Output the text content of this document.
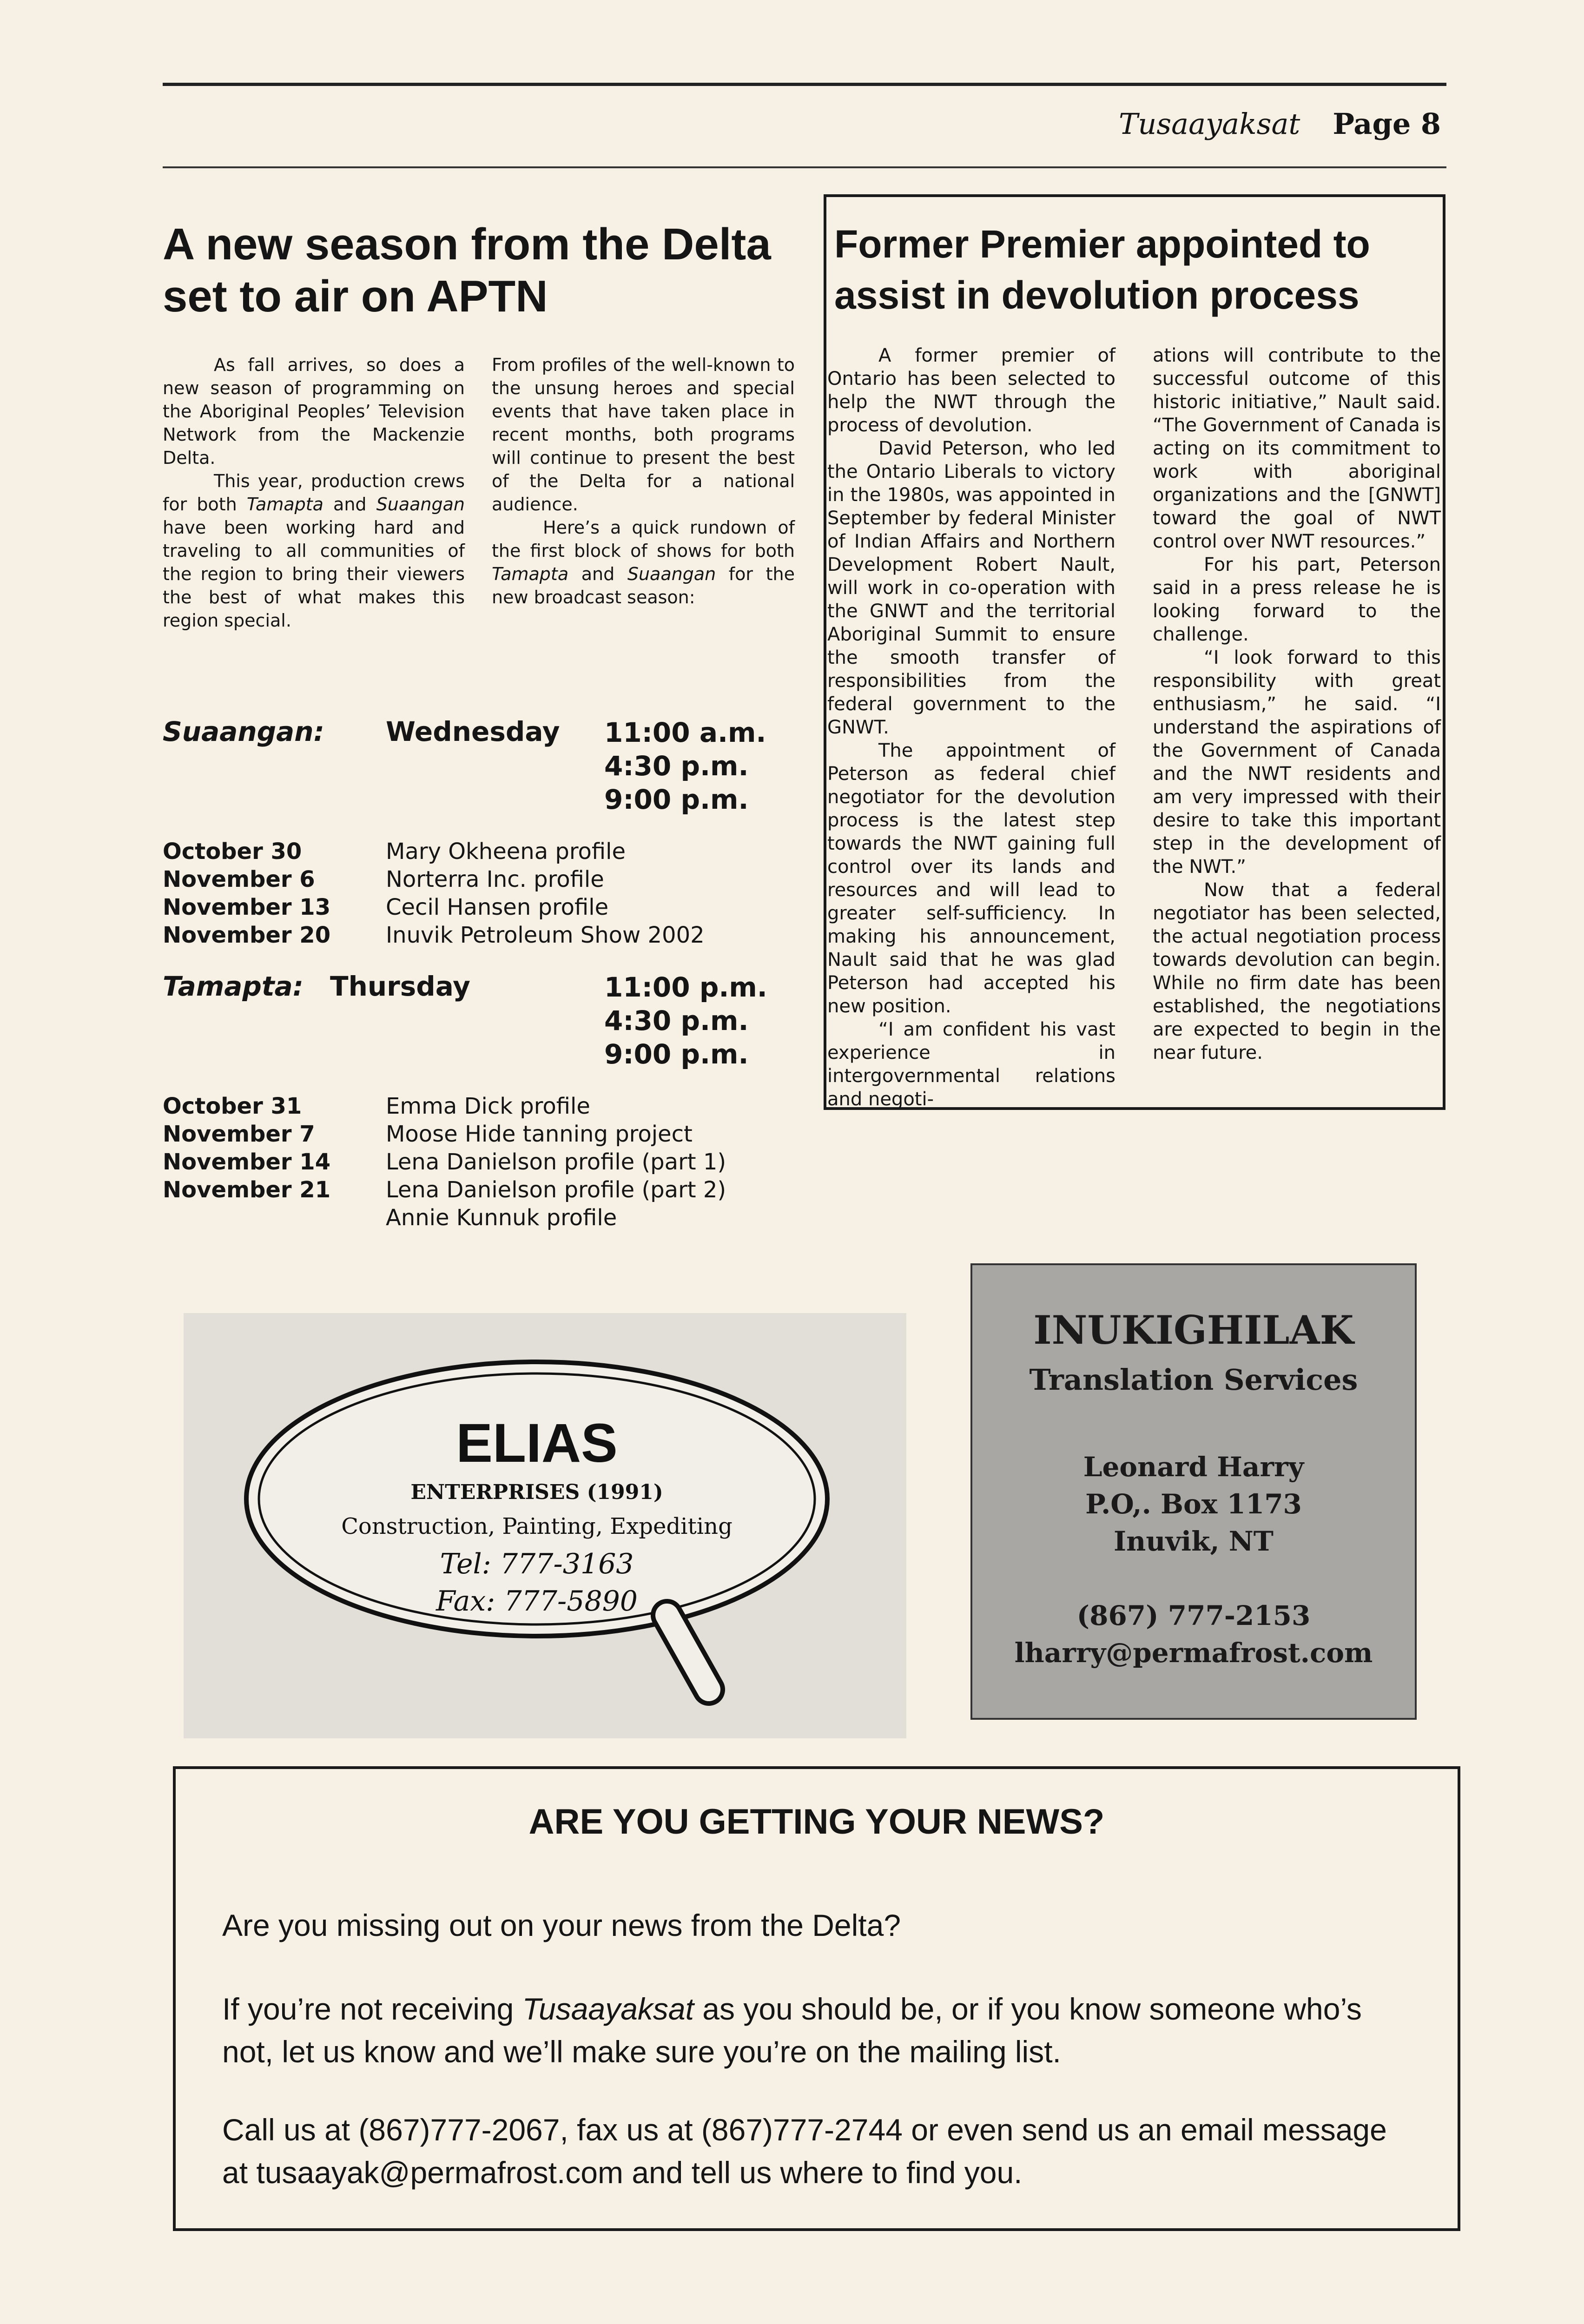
Tusaayaksat Page 8
A new season from the Delta set to air on APTN

As fall arrives, so does a new season of programming on the Aboriginal Peoples’ Television Network from the Mackenzie Delta.

This year, production crews for both Tamapta and Suaangan have been working hard and traveling to all communities of the region to bring their viewers the best of what makes this region special.

From profiles of the well-known to the unsung heroes and special events that have taken place in recent months, both programs will continue to present the best of the Delta for a national audience.

Here’s a quick rundown of the first block of shows for both Tamapta and Suaangan for the new broadcast season:

Suaangan: Wednesday 11:00 a.m.
4:30 p.m.
9:00 p.m.
October 30	Mary Okheena profile
November 6	Norterra Inc. profile
November 13 Cecil Hansen profile
November 20 Inuvik Petroleum Show 2002
Tamapta: Thursday	11:00 p.m.
4:30 p.m.
9:00 p.m.
October 31	Emma Dick profile
November 7	Moose Hide tanning project
November 14 Lena Danielson profile (part 1)
November 21 Lena Danielson profile (part 2)
Annie Kunnuk profile
Former Premier appointed to assist in devolution process

A former premier of Ontario has been selected to help the NWT through the process of devolution.

David Peterson, who led the Ontario Liberals to victory in the 1980s, was appointed in September by federal Minister of Indian Affairs and Northern Development Robert Nault, will work in co-operation with the GNWT and the territorial Aboriginal Summit to ensure the smooth transfer of responsibilities from the federal government to the GNWT.

The appointment of Peterson as federal chief negotiator for the devolution process is the latest step towards the NWT gaining full control over its lands and resources and will lead to greater self-sufficiency. In making his announcement, Nault said that he was glad Peterson had accepted his new position.

“I am confident his vast experience in intergovernmental relations and negoti-

ations will contribute to the successful outcome of this historic initiative,” Nault said. “The Government of Canada is acting on its commitment to work with aboriginal organizations and the [GNWT] toward the goal of NWT control over NWT resources.”

For his part, Peterson said in a press release he is looking forward to the challenge.

“I look forward to this responsibility with great enthusiasm,” he said. “I understand the aspirations of the Government of Canada and the NWT residents and am very impressed with their desire to take this important step in the development of the NWT.”

Now that a federal negotiator has been selected, the actual negotiation process towards devolution can begin. While no firm date has been established, the negotiations are expected to begin in the near future.

ELIAS
ENTERPRISES (1991)
Construction, Painting, Expediting
Tel: 777-3163
Fax: 777-5890
INUKIGHILAK
Translation Services
Leonard Harry
P.O,. Box 1173
Inuvik, NT
(867) 777-2153
lharry@permafrost.com
ARE YOU GETTING YOUR NEWS?

Are you missing out on your news from the Delta?

If you’re not receiving Tusaayaksat as you should be, or if you know someone who’s not, let us know and we’ll make sure you’re on the mailing list.

Call us at (867)777-2067, fax us at (867)777-2744 or even send us an email message at tusaayak@permafrost.com and tell us where to find you.
